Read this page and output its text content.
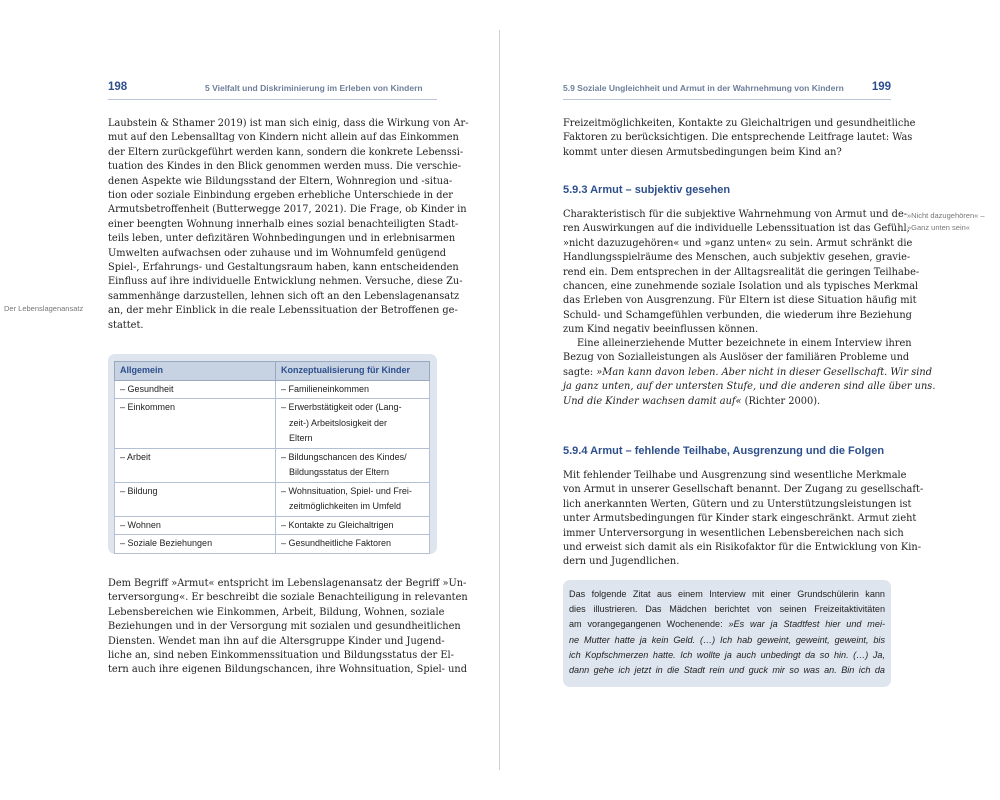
198	5 Vielfalt und Diskriminierung im Erleben von Kindern
Laubstein & Sthamer 2019) ist man sich einig, dass die Wirkung von Ar-
mut auf den Lebensalltag von Kindern nicht allein auf das Einkommen
der Eltern zurückgeführt werden kann, sondern die konkrete Lebenssi-
tuation des Kindes in den Blick genommen werden muss. Die verschie-
denen Aspekte wie Bildungsstand der Eltern, Wohnregion und -situa-
tion oder soziale Einbindung ergeben erhebliche Unterschiede in der
Armutsbetroffenheit (Butterwegge 2017, 2021). Die Frage, ob Kinder in
einer beengten Wohnung innerhalb eines sozial benachteiligten Stadt-
teils leben, unter defizitären Wohnbedingungen und in erlebnisarmen
Umwelten aufwachsen oder zuhause und im Wohnumfeld genügend
Spiel-, Erfahrungs- und Gestaltungsraum haben, kann entscheidenden
Einfluss auf ihre individuelle Entwicklung nehmen. Versuche, diese Zu-
sammenhänge darzustellen, lehnen sich oft an den Lebenslagenansatz
an, der mehr Einblick in die reale Lebenssituation der Betroffenen ge-
stattet.
Der Lebenslagenansatz
Allgemein	Konzeptualisierung für Kinder
– Gesundheit	– Familieneinkommen

– Einkommen	– Erwerbstätigkeit oder (Lang-
zeit-) Arbeitslosigkeit der
Eltern

– Arbeit	– Bildungschancen des Kindes/
Bildungsstatus der Eltern

– Bildung	– Wohnsituation, Spiel- und Frei-
zeitmöglichkeiten im Umfeld

– Wohnen	– Kontakte zu Gleichaltrigen

– Soziale Beziehungen	– Gesundheitliche Faktoren
Dem Begriff »Armut« entspricht im Lebenslagenansatz der Begriff »Un-
terversorgung«. Er beschreibt die soziale Benachteiligung in relevanten
Lebensbereichen wie Einkommen, Arbeit, Bildung, Wohnen, soziale
Beziehungen und in der Versorgung mit sozialen und gesundheitlichen
Diensten. Wendet man ihn auf die Altersgruppe Kinder und Jugend-
liche an, sind neben Einkommenssituation und Bildungsstatus der El-
tern auch ihre eigenen Bildungschancen, ihre Wohnsituation, Spiel- und
5.9 Soziale Ungleichheit und Armut in der Wahrnehmung von Kindern 199
Freizeitmöglichkeiten, Kontakte zu Gleichaltrigen und gesundheitliche
Faktoren zu berücksichtigen. Die entsprechende Leitfrage lautet: Was
kommt unter diesen Armutsbedingungen beim Kind an?
5.9.3 Armut – subjektiv gesehen
»Nicht dazugehören« –
»Ganz unten sein«
Charakteristisch für die subjektive Wahrnehmung von Armut und de-
ren Auswirkungen auf die individuelle Lebenssituation ist das Gefühl,
»nicht dazuzugehören« und »ganz unten« zu sein. Armut schränkt die
Handlungsspielräume des Menschen, auch subjektiv gesehen, gravie-
rend ein. Dem entsprechen in der Alltagsrealität die geringen Teilhabe-
chancen, eine zunehmende soziale Isolation und als typisches Merkmal
das Erleben von Ausgrenzung. Für Eltern ist diese Situation häufig mit
Schuld- und Schamgefühlen verbunden, die wiederum ihre Beziehung
zum Kind negativ beeinflussen können.
Eine alleinerziehende Mutter bezeichnete in einem Interview ihren
Bezug von Sozialleistungen als Auslöser der familiären Probleme und
sagte: »Man kann davon leben. Aber nicht in dieser Gesellschaft. Wir sind
ja ganz unten, auf der untersten Stufe, und die anderen sind alle über uns.
Und die Kinder wachsen damit auf« (Richter 2000).
5.9.4 Armut – fehlende Teilhabe, Ausgrenzung und die Folgen
Mit fehlender Teilhabe und Ausgrenzung sind wesentliche Merkmale
von Armut in unserer Gesellschaft benannt. Der Zugang zu gesellschaft-
lich anerkannten Werten, Gütern und zu Unterstützungsleistungen ist
unter Armutsbedingungen für Kinder stark eingeschränkt. Armut zieht
immer Unterversorgung in wesentlichen Lebensbereichen nach sich
und erweist sich damit als ein Risikofaktor für die Entwicklung von Kin-
dern und Jugendlichen.
Das folgende Zitat aus einem Interview mit einer Grundschülerin kann
dies illustrieren. Das Mädchen berichtet von seinen Freizeitaktivitäten
am vorangegangenen Wochenende: »Es war ja Stadtfest hier und mei-
ne Mutter hatte ja kein Geld. (…) Ich hab geweint, geweint, geweint, bis
ich Kopfschmerzen hatte. Ich wollte ja auch unbedingt da so hin. (…) Ja,
dann gehe ich jetzt in die Stadt rein und guck mir so was an. Bin ich da
